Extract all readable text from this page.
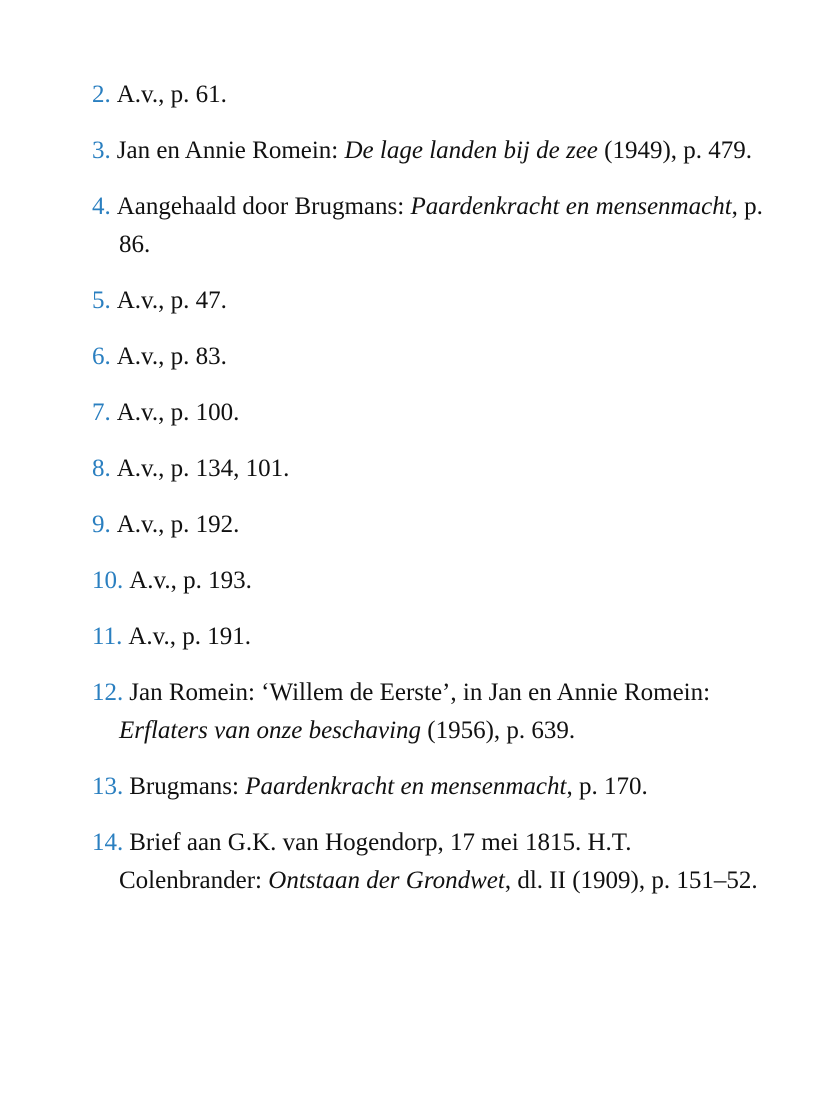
2. A.v., p. 61.
3. Jan en Annie Romein: De lage landen bij de zee (1949), p. 479.
4. Aangehaald door Brugmans: Paardenkracht en mensenmacht, p. 86.
5. A.v., p. 47.
6. A.v., p. 83.
7. A.v., p. 100.
8. A.v., p. 134, 101.
9. A.v., p. 192.
10. A.v., p. 193.
11. A.v., p. 191.
12. Jan Romein: ‘Willem de Eerste’, in Jan en Annie Romein: Erflaters van onze beschaving (1956), p. 639.
13. Brugmans: Paardenkracht en mensenmacht, p. 170.
14. Brief aan G.K. van Hogendorp, 17 mei 1815. H.T. Colenbrander: Ontstaan der Grondwet, dl. II (1909), p. 151–52.
